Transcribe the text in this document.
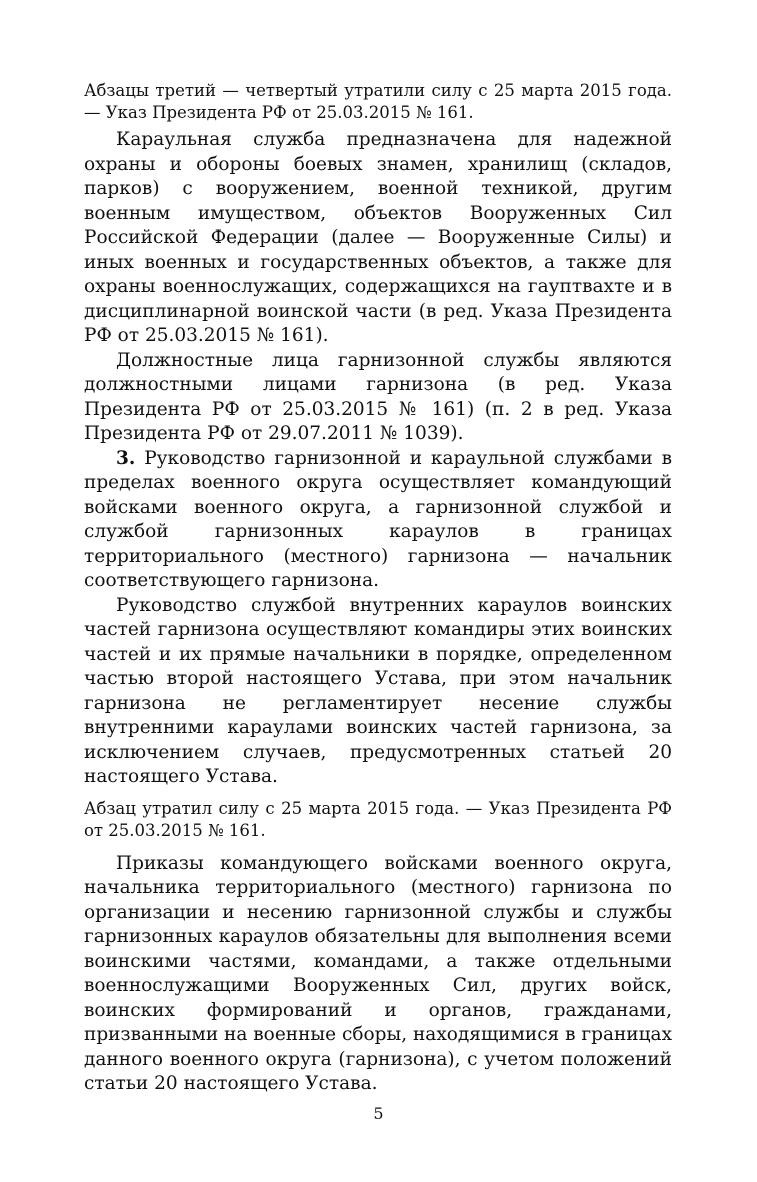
Абзацы третий — четвертый утратили силу с 25 марта 2015 года. — Указ Президента РФ от 25.03.2015 № 161.

Караульная служба предназначена для надежной охраны и обороны боевых знамен, хранилищ (складов, парков) с вооружением, военной техникой, другим военным имуществом, объектов Вооруженных Сил Российской Федерации (далее — Вооруженные Силы) и иных военных и государственных объектов, а также для охраны военнослужащих, содержащихся на гауптвахте и в дисциплинарной воинской части (в ред. Указа Президента РФ от 25.03.2015 № 161).

Должностные лица гарнизонной службы являются должностными лицами гарнизона (в ред. Указа Президента РФ от 25.03.2015 № 161) (п. 2 в ред. Указа Президента РФ от 29.07.2011 № 1039).

3. Руководство гарнизонной и караульной службами в пределах военного округа осуществляет командующий войсками военного округа, а гарнизонной службой и службой гарнизонных караулов в границах территориального (местного) гарнизона — начальник соответствующего гарнизона.

Руководство службой внутренних караулов воинских частей гарнизона осуществляют командиры этих воинских частей и их прямые начальники в порядке, определенном частью второй настоящего Устава, при этом начальник гарнизона не регламентирует несение службы внутренними караулами воинских частей гарнизона, за исключением случаев, предусмотренных статьей 20 настоящего Устава.

Абзац утратил силу с 25 марта 2015 года. — Указ Президента РФ от 25.03.2015 № 161.

Приказы командующего войсками военного округа, начальника территориального (местного) гарнизона по организации и несению гарнизонной службы и службы гарнизонных караулов обязательны для выполнения всеми воинскими частями, командами, а также отдельными военнослужащими Вооруженных Сил, других войск, воинских формирований и органов, гражданами, призванными на военные сборы, находящимися в границах данного военного округа (гарнизона), с учетом положений статьи 20 настоящего Устава.

5
